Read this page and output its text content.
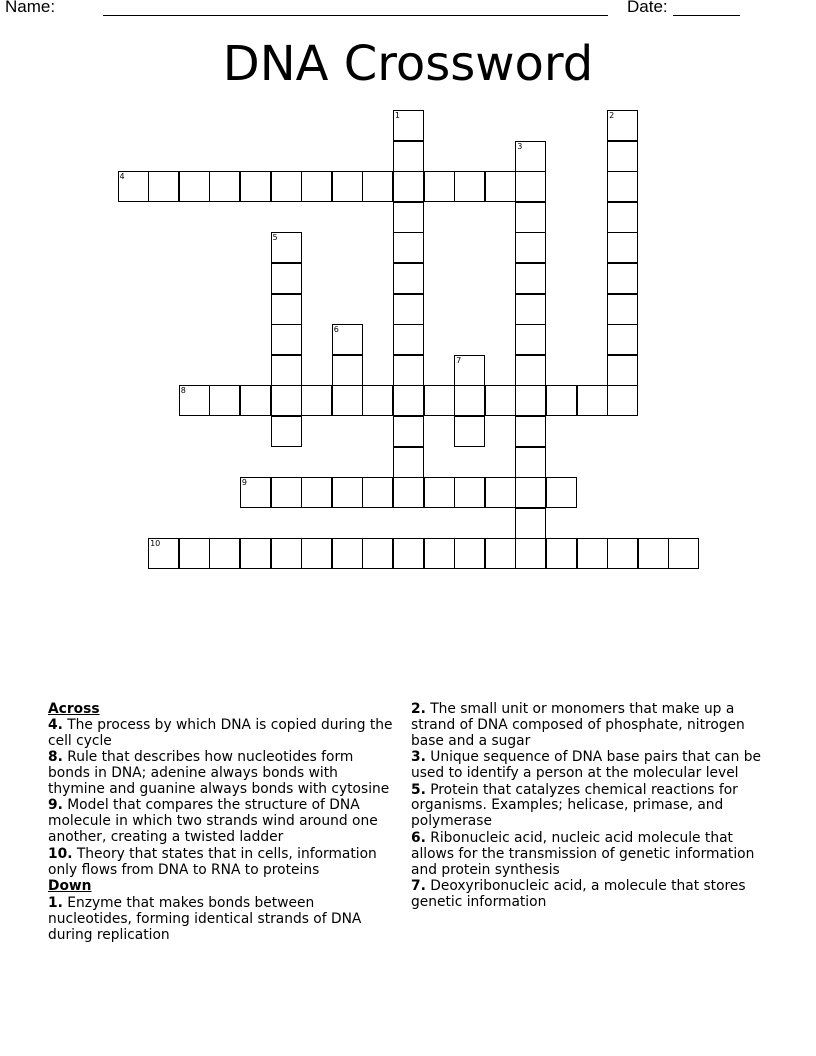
Name:	Date:
DNA Crossword
1	2
3
4
5
6
7
8
9
10
Across
4. The process by which DNA is copied during the cell cycle
8. Rule that describes how nucleotides form bonds in DNA; adenine always bonds with thymine and guanine always bonds with cytosine
9. Model that compares the structure of DNA molecule in which two strands wind around one another, creating a twisted ladder
10. Theory that states that in cells, information only flows from DNA to RNA to proteins
Down
1. Enzyme that makes bonds between nucleotides, forming identical strands of DNA during replication
2. The small unit or monomers that make up a strand of DNA composed of phosphate, nitrogen base and a sugar
3. Unique sequence of DNA base pairs that can be used to identify a person at the molecular level
5. Protein that catalyzes chemical reactions for organisms. Examples; helicase, primase, and polymerase
6. Ribonucleic acid, nucleic acid molecule that allows for the transmission of genetic information and protein synthesis
7. Deoxyribonucleic acid, a molecule that stores genetic information
